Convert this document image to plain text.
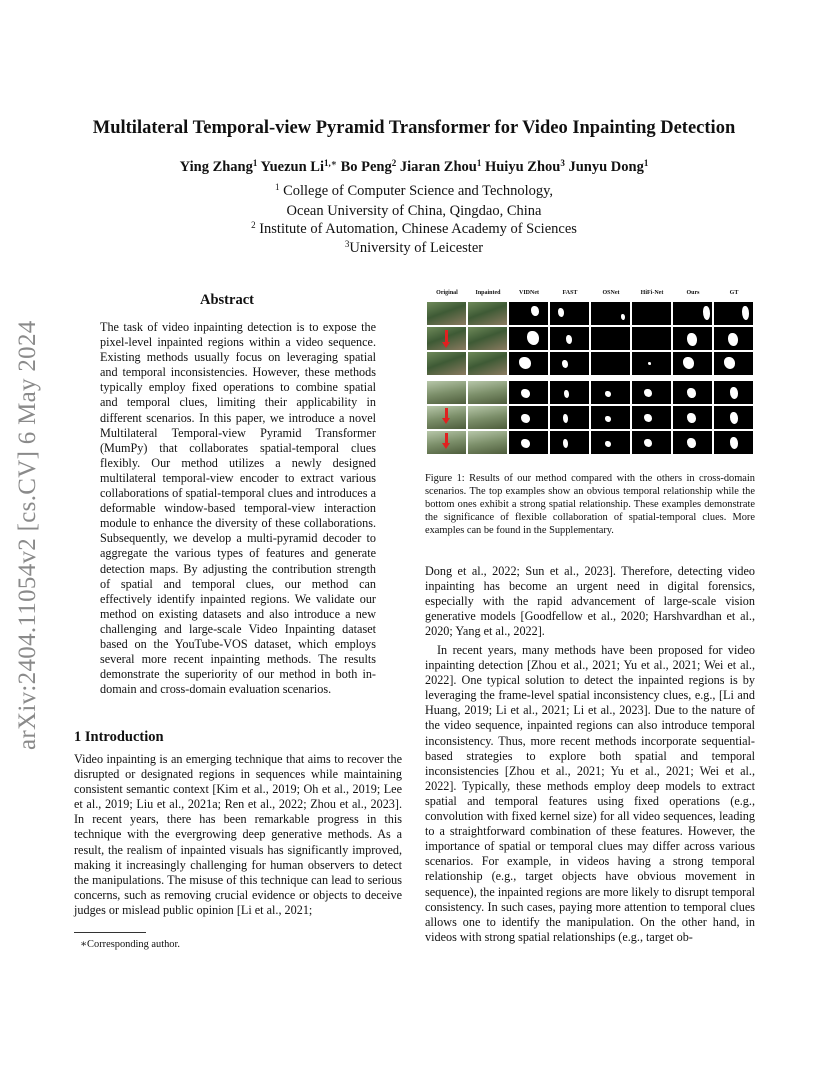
arXiv:2404.11054v2 [cs.CV] 6 May 2024
Multilateral Temporal-view Pyramid Transformer for Video Inpainting Detection
Ying Zhang$^1$ Yuezun $Li^{1,∗}$ Bo Peng$^2$ Jiaran Zhou$^1$ Huiyu Zhou$^3$ Junyu Dong$^1$
$^1$ College of Computer Science and Technology,
Ocean University of China, Qingdao, China
$^2$ Institute of Automation, Chinese Academy of Sciences
$^3$University of Leicester
Abstract
The task of video inpainting detection is to expose the pixel-level inpainted regions within a video sequence. Existing methods usually focus on leveraging spatial and temporal inconsistencies. However, these methods typically employ fixed operations to combine spatial and temporal clues, limiting their applicability in different scenarios. In this paper, we introduce a novel Multilateral Temporal-view Pyramid Transformer (MumPy) that collaborates spatial-temporal clues flexibly. Our method utilizes a newly designed multilateral temporal-view encoder to extract various collaborations of spatial-temporal clues and introduces a deformable window-based temporal-view interaction module to enhance the diversity of these collaborations. Subsequently, we develop a multi-pyramid decoder to aggregate the various types of features and generate detection maps. By adjusting the contribution strength of spatial and temporal clues, our method can effectively identify inpainted regions. We validate our method on existing datasets and also introduce a new challenging and large-scale Video Inpainting dataset based on the YouTube-VOS dataset, which employs several more recent inpainting methods. The results demonstrate the superiority of our method in both in-domain and cross-domain evaluation scenarios.
1 Introduction
Video inpainting is an emerging technique that aims to recover the disrupted or designated regions in sequences while maintaining consistent semantic context [Kim et al., 2019; Oh et al., 2019; Lee et al., 2019; Liu et al., 2021a; Ren et al., 2022; Zhou et al., 2023]. In recent years, there has been remarkable progress in this technique with the evergrowing deep generative methods. As a result, the realism of inpainted visuals has significantly improved, making it increasingly challenging for human observers to detect the manipulations. The misuse of this technique can lead to serious concerns, such as removing crucial evidence or objects to deceive judges or mislead public opinion [Li et al., 2021;
∗Corresponding author.
Original	Inpainted	VIDNet	FAST	OSNet	HiFi-Net	Ours	GT
Figure 1: Results of our method compared with the others in cross-domain scenarios. The top examples show an obvious temporal relationship while the bottom ones exhibit a strong spatial relationship. These examples demonstrate the significance of flexible collaboration of spatial-temporal clues. More examples can be found in the Supplementary.
Dong et al., 2022; Sun et al., 2023]. Therefore, detecting video inpainting has become an urgent need in digital forensics, especially with the rapid advancement of large-scale vision generative models [Goodfellow et al., 2020; Harshvardhan et al., 2020; Yang et al., 2022].
In recent years, many methods have been proposed for video inpainting detection [Zhou et al., 2021; Yu et al., 2021; Wei et al., 2022]. One typical solution to detect the inpainted regions is by leveraging the frame-level spatial inconsistency clues, e.g., [Li and Huang, 2019; Li et al., 2021; Li et al., 2023]. Due to the nature of the video sequence, inpainted regions can also introduce temporal inconsistency. Thus, more recent methods incorporate sequential-based strategies to explore both spatial and temporal inconsistencies [Zhou et al., 2021; Yu et al., 2021; Wei et al., 2022]. Typically, these methods employ deep models to extract spatial and temporal features using fixed operations (e.g., convolution with fixed kernel size) for all video sequences, leading to a straightforward combination of these features. However, the importance of spatial or temporal clues may differ across various scenarios. For example, in videos having a strong temporal relationship (e.g., target objects have obvious movement in sequence), the inpainted regions are more likely to disrupt temporal consistency. In such cases, paying more attention to temporal clues allows one to identify the manipulation. On the other hand, in videos with strong spatial relationships (e.g., target ob-
